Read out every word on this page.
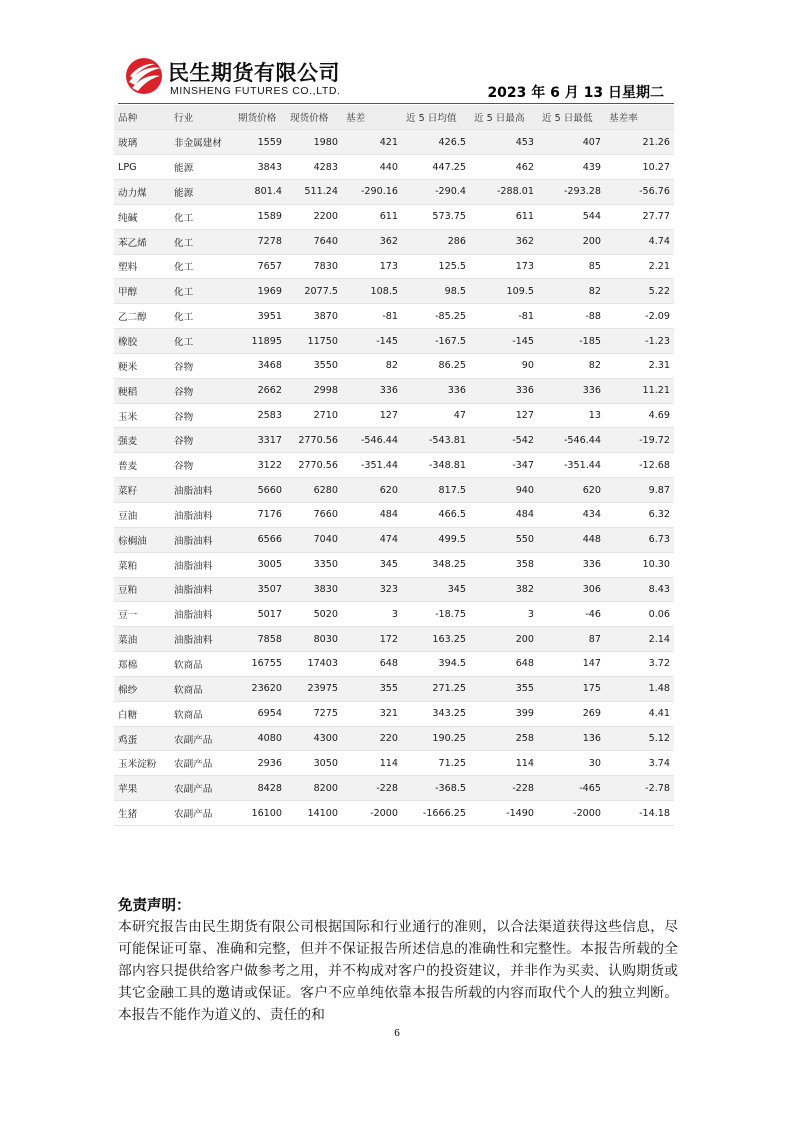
民生期货有限公司
MINSHENG FUTURES CO.,LTD.	2023 年 6 月 13 日星期二
品种	行业	期货价格	现货价格	基差	近 5 日均值	近 5 日最高	近 5 日最低	基差率
玻璃	非金属建材	1559	1980	421	426.5	453	407	21.26
LPG	能源	3843	4283	440	447.25	462	439	10.27
动力煤	能源	801.4	511.24	-290.16	-290.4	-288.01	-293.28	-56.76
纯碱	化工	1589	2200	611	573.75	611	544	27.77
苯乙烯	化工	7278	7640	362	286	362	200	4.74
塑料	化工	7657	7830	173	125.5	173	85	2.21
甲醇	化工	1969	2077.5	108.5	98.5	109.5	82	5.22
乙二醇	化工	3951	3870	-81	-85.25	-81	-88	-2.09
橡胶	化工	11895	11750	-145	-167.5	-145	-185	-1.23
粳米	谷物	3468	3550	82	86.25	90	82	2.31
粳稻	谷物	2662	2998	336	336	336	336	11.21
玉米	谷物	2583	2710	127	47	127	13	4.69
强麦	谷物	3317	2770.56	-546.44	-543.81	-542	-546.44	-19.72
普麦	谷物	3122	2770.56	-351.44	-348.81	-347	-351.44	-12.68
菜籽	油脂油料	5660	6280	620	817.5	940	620	9.87
豆油	油脂油料	7176	7660	484	466.5	484	434	6.32
棕榈油	油脂油料	6566	7040	474	499.5	550	448	6.73
菜粕	油脂油料	3005	3350	345	348.25	358	336	10.30
豆粕	油脂油料	3507	3830	323	345	382	306	8.43
豆一	油脂油料	5017	5020	3	-18.75	3	-46	0.06
菜油	油脂油料	7858	8030	172	163.25	200	87	2.14
郑棉	软商品	16755	17403	648	394.5	648	147	3.72
棉纱	软商品	23620	23975	355	271.25	355	175	1.48
白糖	软商品	6954	7275	321	343.25	399	269	4.41
鸡蛋	农副产品	4080	4300	220	190.25	258	136	5.12
玉米淀粉	农副产品	2936	3050	114	71.25	114	30	3.74
苹果	农副产品	8428	8200	-228	-368.5	-228	-465	-2.78
生猪	农副产品	16100	14100	-2000	-1666.25	-1490	-2000	-14.18
免责声明：
本研究报告由民生期货有限公司根据国际和行业通行的准则，以合法渠道获得这些信息，尽可能保证可靠、准确和完整，但并不保证报告所述信息的准确性和完整性。本报告所载的全部内容只提供给客户做参考之用，并不构成对客户的投资建议，并非作为买卖、认购期货或其它金融工具的邀请或保证。客户不应单纯依靠本报告所载的内容而取代个人的独立判断。本报告不能作为道义的、责任的和
6
